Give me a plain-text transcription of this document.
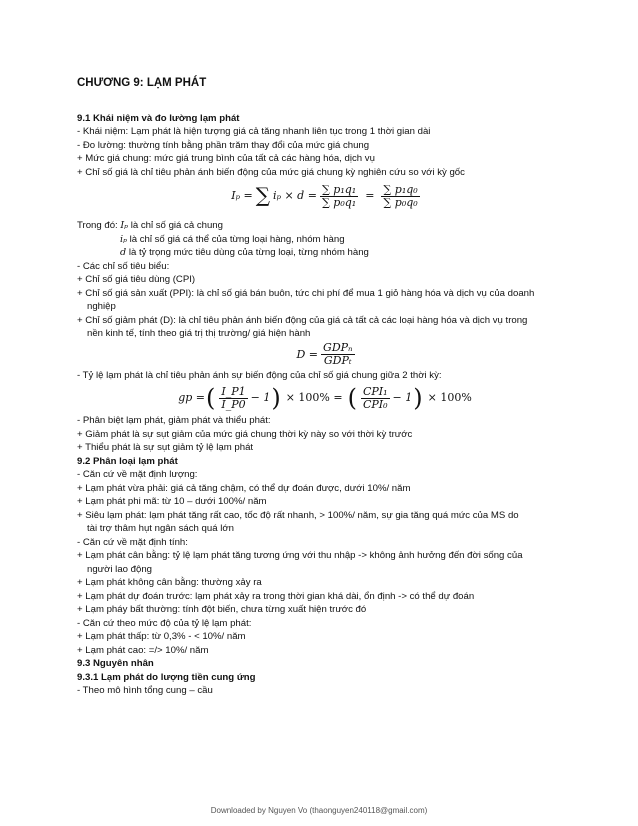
CHƯƠNG 9: LẠM PHÁT

9.1 Khái niệm và đo lường lạm phát

- Khái niệm: Lạm phát là hiện tượng giá cả tăng nhanh liên tục trong 1 thời gian dài

- Đo lường: thường tính bằng phần trăm thay đổi của mức giá chung

+ Mức giá chung: mức giá trung bình của tất cả các hàng hóa, dịch vụ

+ Chỉ số giá là chỉ tiêu phản ánh biến động của mức giá chung kỳ nghiên cứu so với kỳ gốc

Iₚ = ∑ $i_p \times d = \frac{\text{∑ p₁q₁}}{\text{∑ p₀q₁}} = \frac{\text{∑ p₁q₀}}{\text{∑ p₀q₀}}$

Trong đó: Iₚ là chỉ số giá cả chung

iₚ là chỉ số giá cá thể của từng loại hàng, nhóm hàng

d là tỷ trọng mức tiêu dùng của từng loại, từng nhóm hàng

- Các chỉ số tiêu biểu:

+ Chỉ số giá tiêu dùng (CPI)

+ Chỉ số giá sản xuất (PPI): là chỉ số giá bán buôn, tức chi phí để mua 1 giỏ hàng hóa và dịch vụ của doanh

nghiệp

+ Chỉ số giảm phát (D): là chỉ tiêu phản ánh biến động của giá cả tất cả các loại hàng hóa và dịch vụ trong

nền kinh tế, tính theo giá trị thị trường/ giá hiện hành

$D = \frac{\text{GDPₙ}}{\text{GDPₜ}}$

- Tỷ lệ lạm phát là chỉ tiêu phản ánh sự biến động của chỉ số giá chung giữa 2 thời kỳ:

gp = ( $\frac{I\_P1}{I\_P0} - 1$ ) × 100% = ( $\frac{\text{CPI₁}}{\text{CPI₀}} - 1$ ) × 100%

- Phân biệt lạm phát, giảm phát và thiểu phát:

+ Giảm phát là sự sụt giảm của mức giá chung thời kỳ này so với thời kỳ trước

+ Thiểu phát là sự sụt giảm tỷ lệ lạm phát

9.2 Phân loại lạm phát

- Căn cứ về mặt định lượng:

+ Lạm phát vừa phải: giá cả tăng chậm, có thể dự đoán được, dưới 10%/ năm

+ Lạm phát phi mã: từ 10 – dưới 100%/ năm

+ Siêu lạm phát: lạm phát tăng rất cao, tốc độ rất nhanh, > 100%/ năm, sự gia tăng quá mức của MS do

tài trợ thâm hụt ngân sách quá lớn

- Căn cứ về mặt định tính:

+ Lạm phát cân bằng: tỷ lệ lạm phát tăng tương ứng với thu nhập -> không ảnh hưởng đến đời sống của

người lao động

+ Lạm phát không cân bằng: thường xảy ra

+ Lạm phát dự đoán trước: lạm phát xảy ra trong thời gian khá dài, ổn định -> có thể dự đoán

+ Lạm pháy bất thường: tính đột biến, chưa từng xuất hiện trước đó

- Căn cứ theo mức độ của tỷ lệ lạm phát:

+ Lạm phát thấp: từ 0,3% - < 10%/ năm

+ Lạm phát cao: =/> 10%/ năm

9.3 Nguyên nhân

9.3.1 Lạm phát do lượng tiền cung ứng

- Theo mô hình tổng cung – cầu

Downloaded by Nguyen Vo (thaonguyen240118@gmail.com)
